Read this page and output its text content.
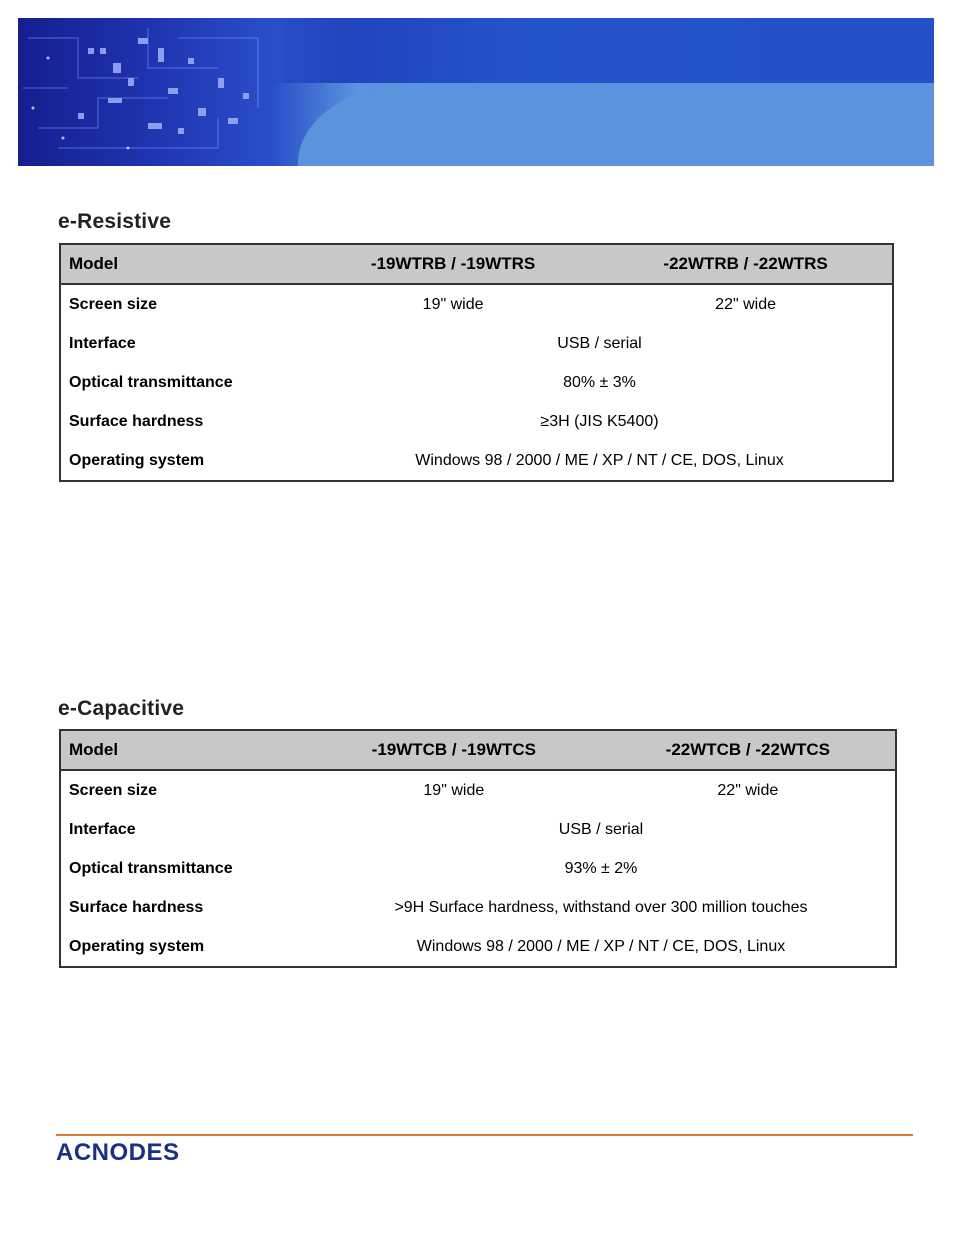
e-Resistive
Model	-19WTRB / -19WTRS	-22WTRB / -22WTRS
Screen size	19" wide	22" wide
Interface	USB / serial	
Optical transmittance	80% ± 3%	
Surface hardness	≥3H (JIS K5400)	
Operating system	Windows 98 / 2000 / ME / XP / NT / CE, DOS, Linux	
e-Capacitive
Model	-19WTCB / -19WTCS	-22WTCB / -22WTCS
Screen size	19" wide	22" wide
Interface	USB / serial	
Optical transmittance	93% ± 2%	
Surface hardness	>9H Surface hardness, withstand over 300 million touches	
Operating system	Windows 98 / 2000 / ME / XP / NT / CE, DOS, Linux	
ACNODES
